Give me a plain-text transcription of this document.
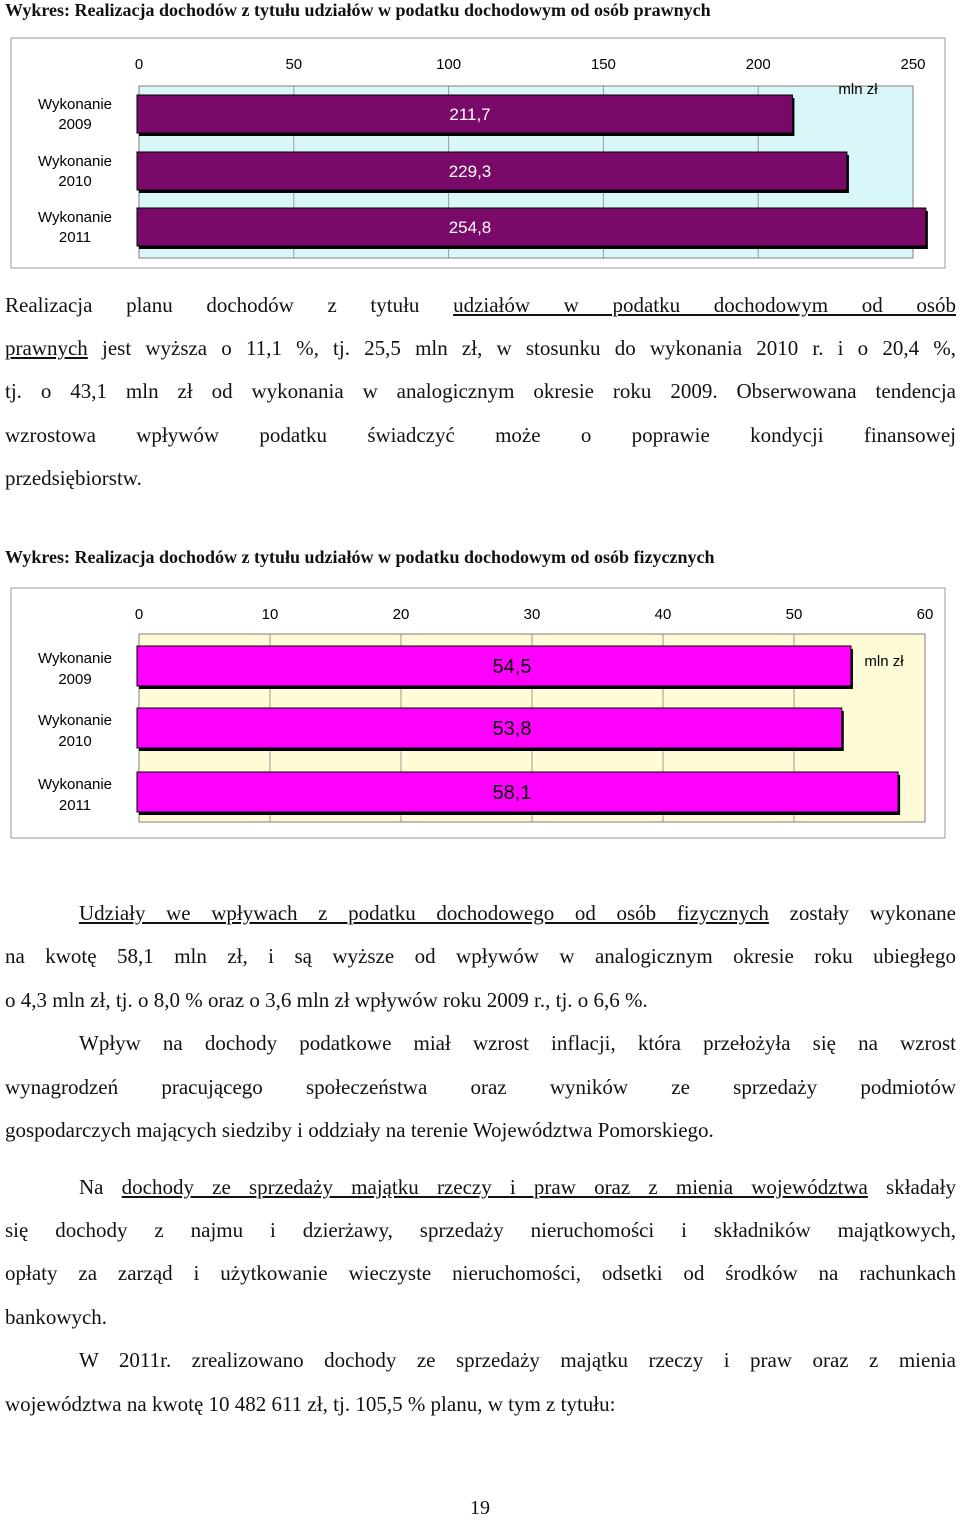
Wykres: Realizacja dochodów z tytułu udziałów w podatku dochodowym od osób prawnych
0	50	100	150	200	250
211,7
Wykonanie
2009
229,3
Wykonanie
2010
254,8
Wykonanie
2011
mln zł
Realizacja planu dochodów z tytułu udziałów w podatku dochodowym od osób
prawnych jest wyższa o 11,1 %, tj. 25,5 mln zł, w stosunku do wykonania 2010 r. i o 20,4 %,
tj. o 43,1 mln zł od wykonania w analogicznym okresie roku 2009. Obserwowana tendencja
wzrostowa wpływów podatku świadczyć może o poprawie kondycji finansowej
przedsiębiorstw.
Wykres: Realizacja dochodów z tytułu udziałów w podatku dochodowym od osób fizycznych
0	10	20	30	40	50	60
54,5
Wykonanie
2009
53,8
Wykonanie
2010
58,1
Wykonanie
2011
mln zł
Udziały we wpływach z podatku dochodowego od osób fizycznych zostały wykonane
na kwotę 58,1 mln zł, i są wyższe od wpływów w analogicznym okresie roku ubiegłego
o 4,3 mln zł, tj. o 8,0 % oraz o 3,6 mln zł wpływów roku 2009 r., tj. o 6,6 %.
Wpływ na dochody podatkowe miał wzrost inflacji, która przełożyła się na wzrost
wynagrodzeń pracującego społeczeństwa oraz wyników ze sprzedaży podmiotów
gospodarczych mających siedziby i oddziały na terenie Województwa Pomorskiego.
Na dochody ze sprzedaży majątku rzeczy i praw oraz z mienia województwa składały
się dochody z najmu i dzierżawy, sprzedaży nieruchomości i składników majątkowych,
opłaty za zarząd i użytkowanie wieczyste nieruchomości, odsetki od środków na rachunkach
bankowych.
W 2011r. zrealizowano dochody ze sprzedaży majątku rzeczy i praw oraz z mienia
województwa na kwotę 10 482 611 zł, tj. 105,5 % planu, w tym z tytułu:
19
